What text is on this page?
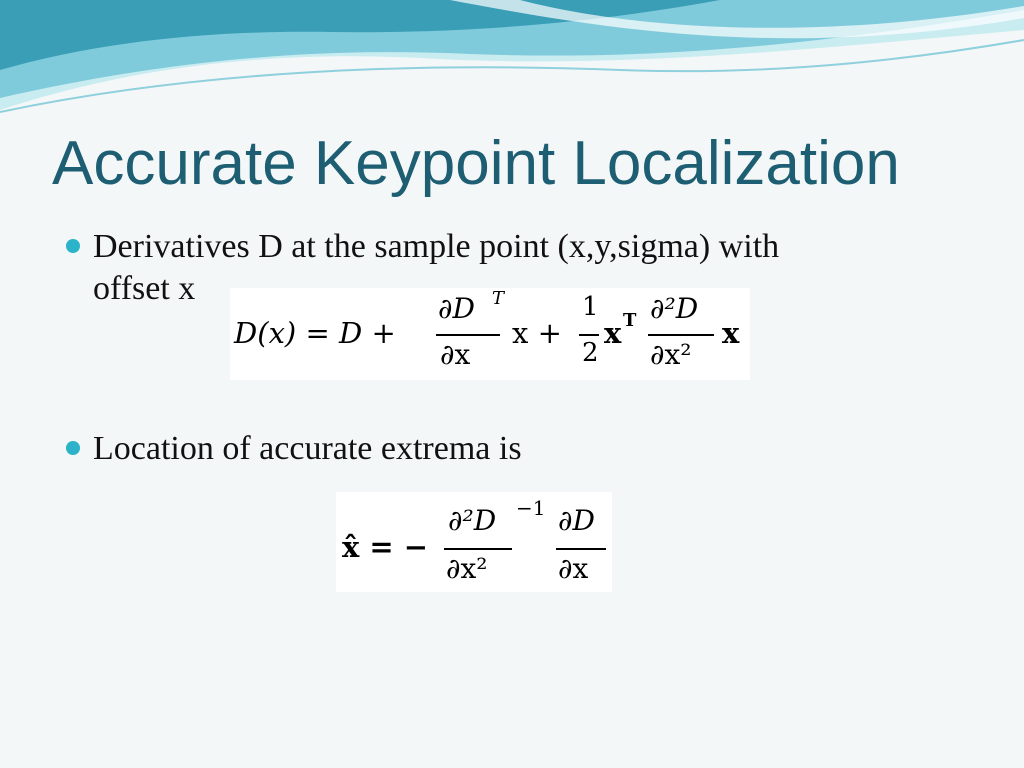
Accurate Keypoint Localization
Derivatives D at the sample point (x,y,sigma) with
offset x
D(x) = D +
∂D T
∂x
x +
1
2
x T ∂²D
∂x²
x
Location of accurate extrema is
x̂ = −
∂²D
∂x²
−1 ∂D
∂x
